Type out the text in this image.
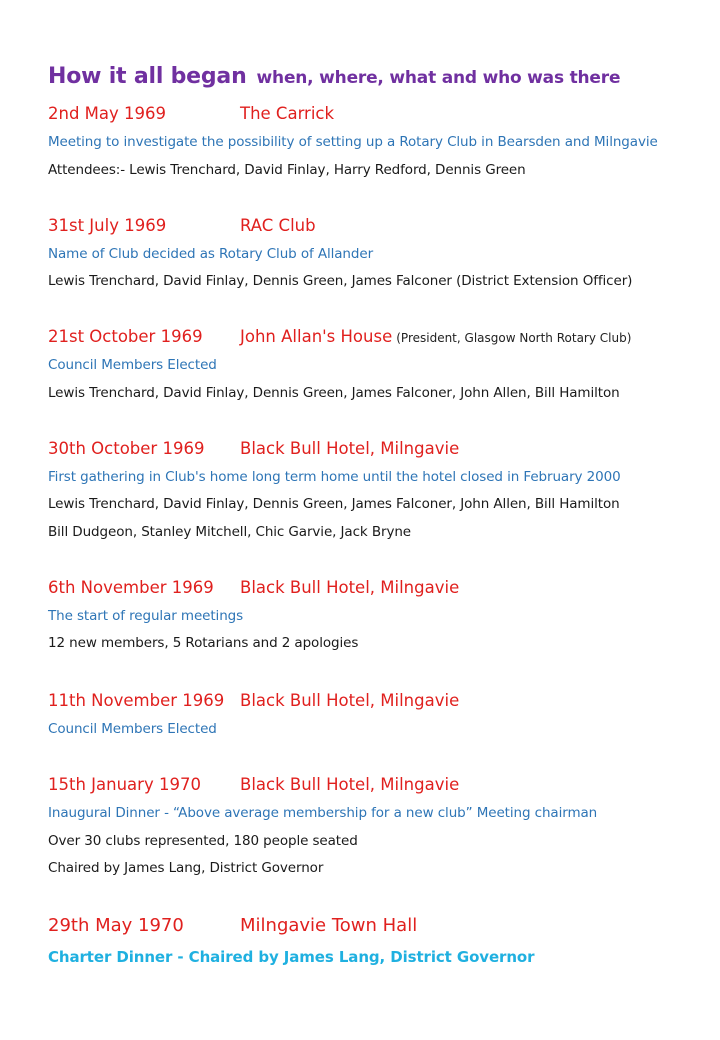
How it all began when, where, what and who was there
2nd May 1969	The Carrick
Meeting to investigate the possibility of setting up a Rotary Club in Bearsden and Milngavie
Attendees:- Lewis Trenchard, David Finlay, Harry Redford, Dennis Green
31st July 1969	RAC Club
Name of Club decided as Rotary Club of Allander
Lewis Trenchard, David Finlay, Dennis Green, James Falconer (District Extension Officer)
21st October 1969 John Allan's House (President, Glasgow North Rotary Club)
Council Members Elected
Lewis Trenchard, David Finlay, Dennis Green, James Falconer, John Allen, Bill Hamilton
30th October 1969 Black Bull Hotel, Milngavie
First gathering in Club's home long term home until the hotel closed in February 2000
Lewis Trenchard, David Finlay, Dennis Green, James Falconer, John Allen, Bill Hamilton
Bill Dudgeon, Stanley Mitchell, Chic Garvie, Jack Bryne
6th November 1969 Black Bull Hotel, Milngavie
The start of regular meetings
12 new members, 5 Rotarians and 2 apologies
11th November 1969 Black Bull Hotel, Milngavie
Council Members Elected
15th January 1970 Black Bull Hotel, Milngavie
Inaugural Dinner - “Above average membership for a new club” Meeting chairman
Over 30 clubs represented, 180 people seated
Chaired by James Lang, District Governor
29th May 1970	Milngavie Town Hall
Charter Dinner - Chaired by James Lang, District Governor
